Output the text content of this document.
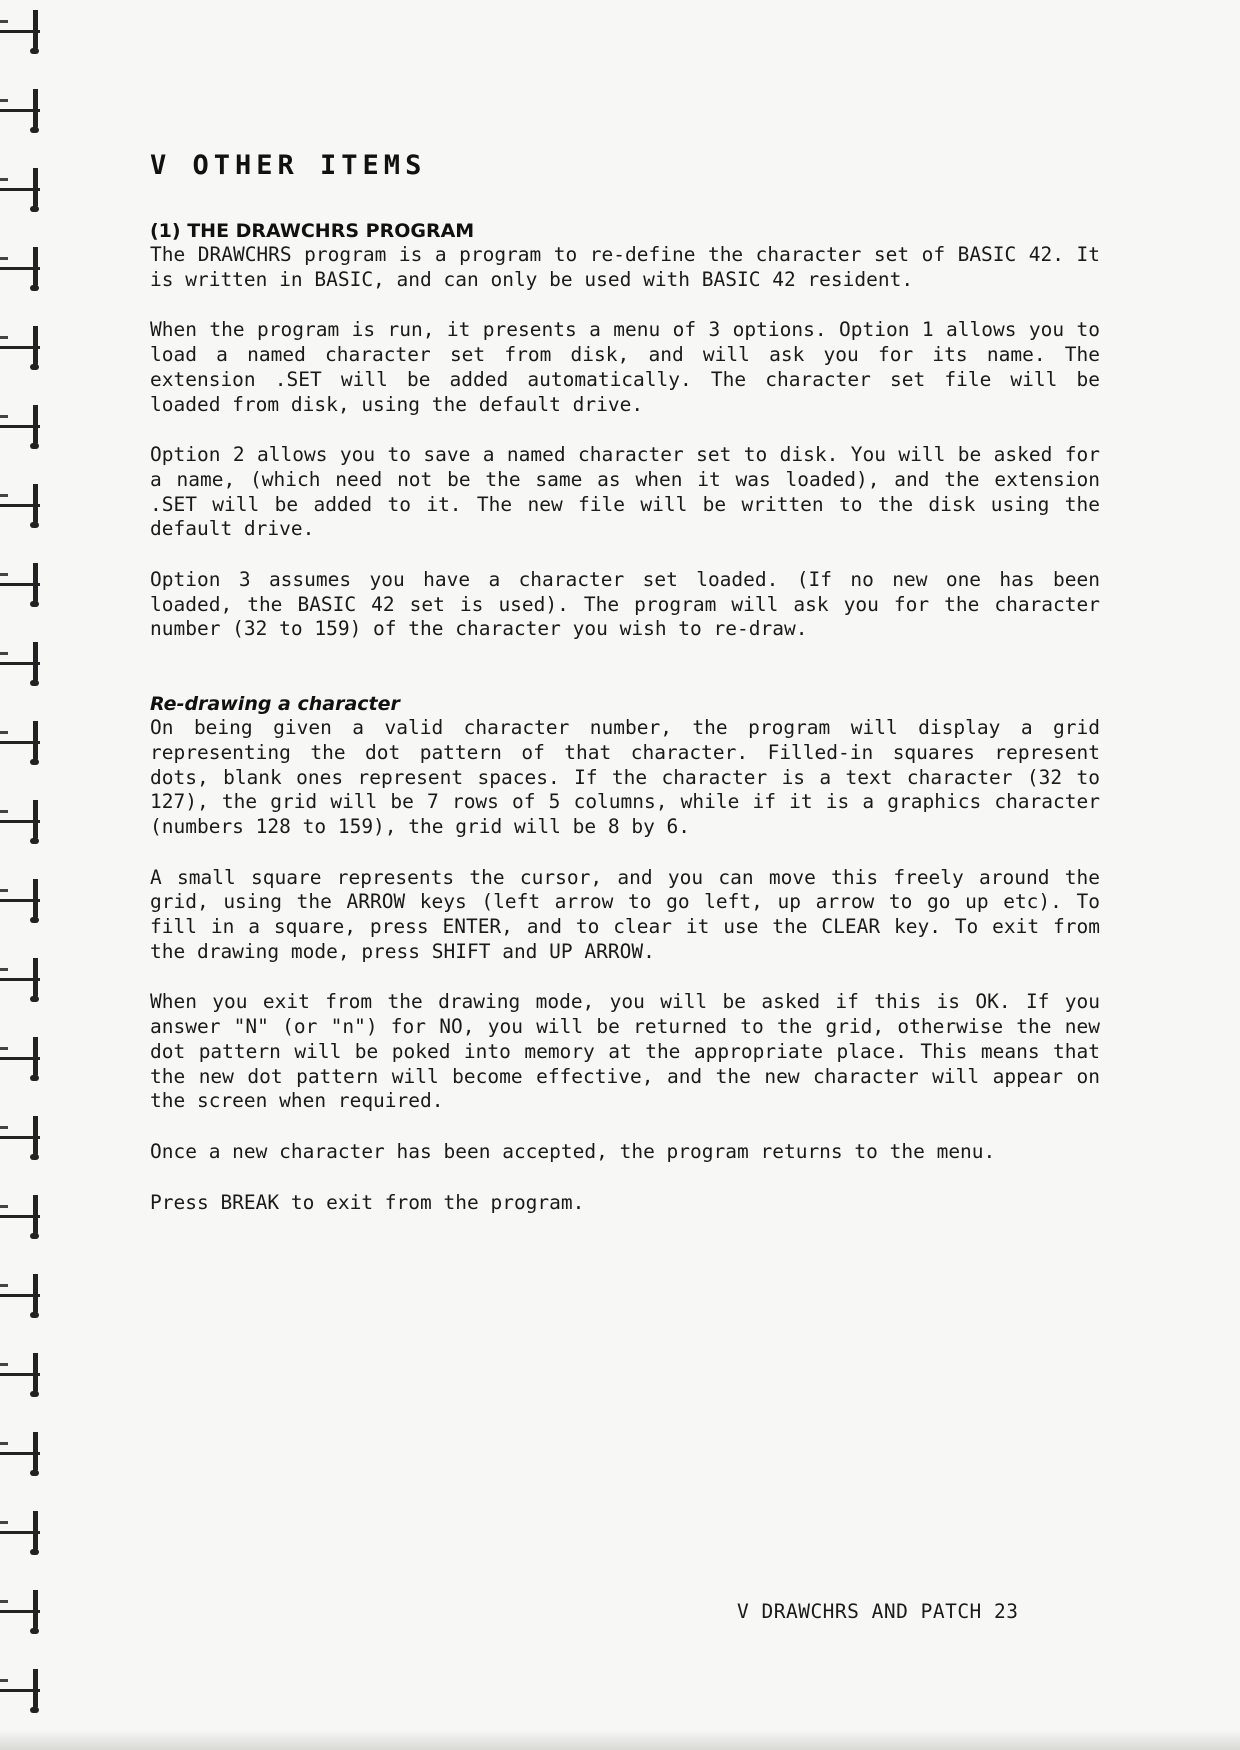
V OTHER ITEMS
(1) THE DRAWCHRS PROGRAM

The DRAWCHRS program is a program to re-define the character set of BASIC 42. It is written in BASIC, and can only be used with BASIC 42 resident.

When the program is run, it presents a menu of 3 options. Option 1 allows you to load a named character set from disk, and will ask you for its name. The extension .SET will be added automatically. The character set file will be loaded from disk, using the default drive.

Option 2 allows you to save a named character set to disk. You will be asked for a name, (which need not be the same as when it was loaded), and the extension .SET will be added to it. The new file will be written to the disk using the default drive.

Option 3 assumes you have a character set loaded. (If no new one has been loaded, the BASIC 42 set is used). The program will ask you for the character number (32 to 159) of the character you wish to re-draw.

Re-drawing a character

On being given a valid character number, the program will display a grid representing the dot pattern of that character. Filled-in squares represent dots, blank ones represent spaces. If the character is a text character (32 to 127), the grid will be 7 rows of 5 columns, while if it is a graphics character (numbers 128 to 159), the grid will be 8 by 6.

A small square represents the cursor, and you can move this freely around the grid, using the ARROW keys (left arrow to go left, up arrow to go up etc). To fill in a square, press ENTER, and to clear it use the CLEAR key. To exit from the drawing mode, press SHIFT and UP ARROW.

When you exit from the drawing mode, you will be asked if this is OK. If you answer "N" (or "n") for NO, you will be returned to the grid, otherwise the new dot pattern will be poked into memory at the appropriate place. This means that the new dot pattern will become effective, and the new character will appear on the screen when required.

Once a new character has been accepted, the program returns to the menu.

Press BREAK to exit from the program.

V DRAWCHRS AND PATCH 23
